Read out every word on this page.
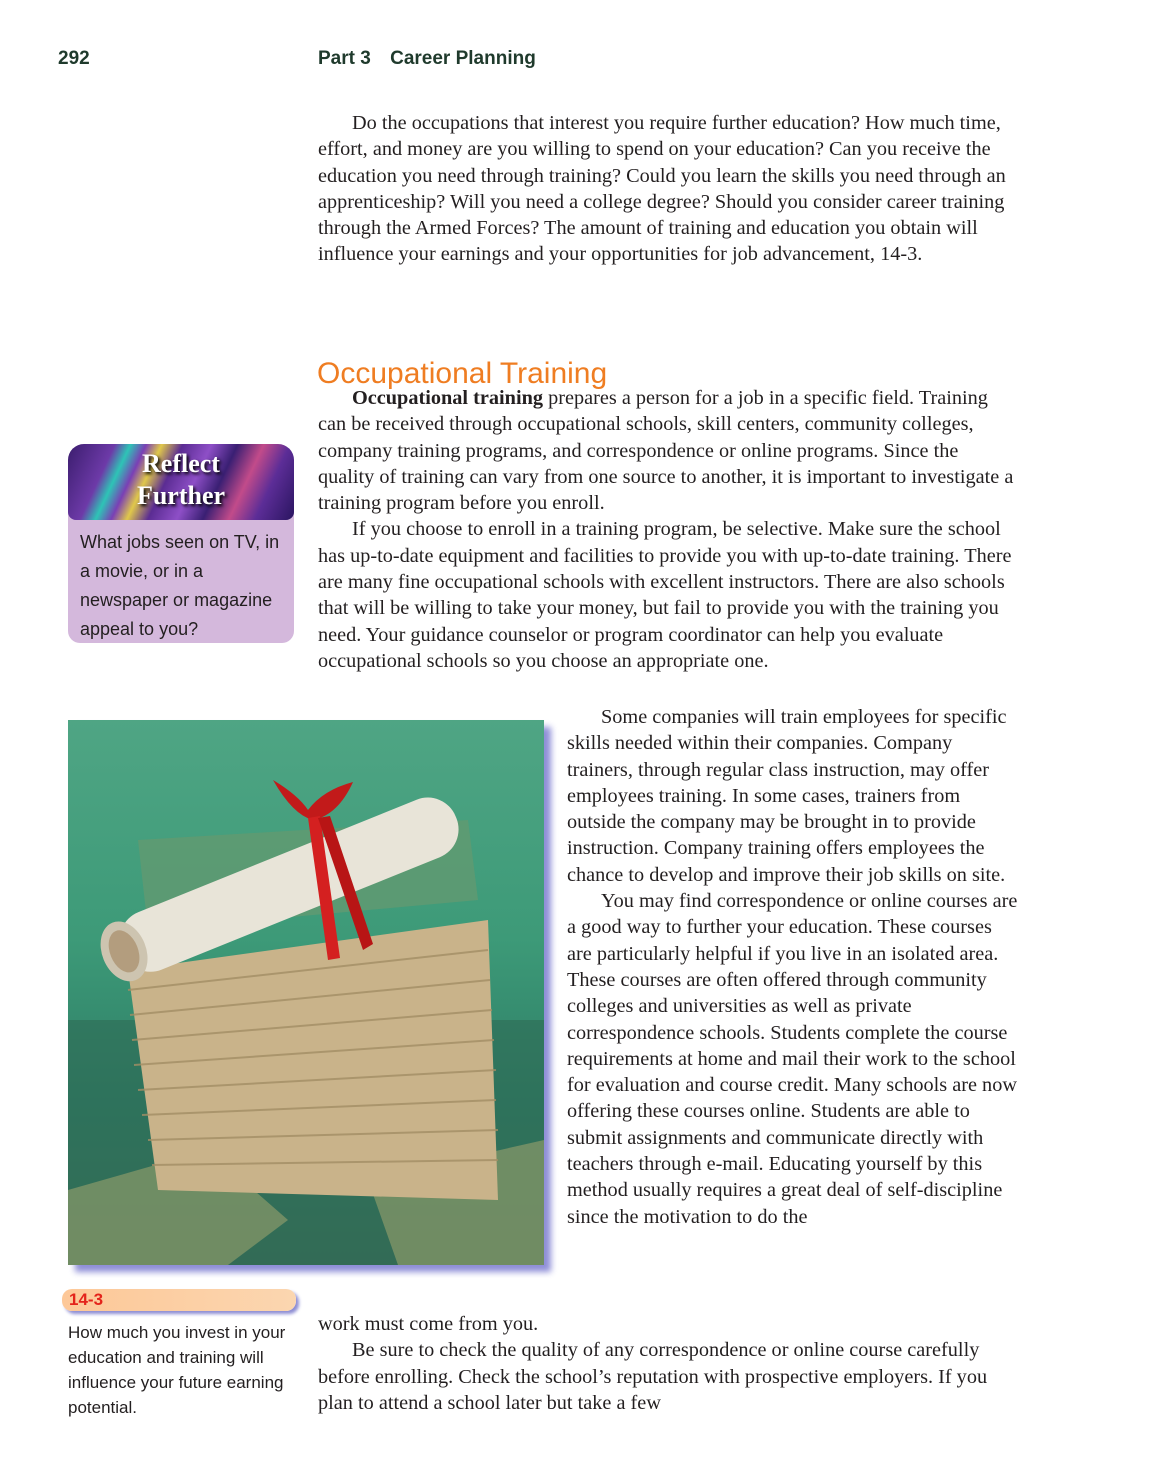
292	Part 3 Career Planning

Do the occupations that interest you require further education? How much time, effort, and money are you willing to spend on your education? Can you receive the education you need through training? Could you learn the skills you need through an apprenticeship? Will you need a college degree? Should you consider career training through the Armed Forces? The amount of training and education you obtain will influence your earnings and your opportunities for job advancement, 14-3.

Occupational Training

Occupational training prepares a person for a job in a specific field. Training can be received through occupational schools, skill centers, community colleges, company training programs, and correspondence or online programs. Since the quality of training can vary from one source to another, it is important to investigate a training program before you enroll.

If you choose to enroll in a training program, be selective. Make sure the school has up-to-date equipment and facilities to provide you with up-to-date training. There are many fine occupational schools with excellent instructors. There are also schools that will be willing to take your money, but fail to provide you with the training you need. Your guidance counselor or program coordinator can help you evaluate occupational schools so you choose an appropriate one.

Reflect
Further
What jobs seen on TV, in a movie, or in a newspaper or magazine appeal to you?

Some companies will train employees for specific skills needed within their companies. Company trainers, through regular class instruction, may offer employees training. In some cases, trainers from outside the company may be brought in to provide instruction. Company training offers employees the chance to develop and improve their job skills on site.

You may find correspondence or online courses are a good way to further your education. These courses are particularly helpful if you live in an isolated area. These courses are often offered through community colleges and universities as well as private correspondence schools. Students complete the course requirements at home and mail their work to the school for evaluation and course credit. Many schools are now offering these courses online. Students are able to submit assignments and communicate directly with teachers through e-mail. Educating yourself by this method usually requires a great deal of self-discipline since the motivation to do the

14-3
How much you invest in your education and training will influence your future earning potential.

work must come from you.

Be sure to check the quality of any correspondence or online course carefully before enrolling. Check the school’s reputation with prospective employers. If you plan to attend a school later but take a few
